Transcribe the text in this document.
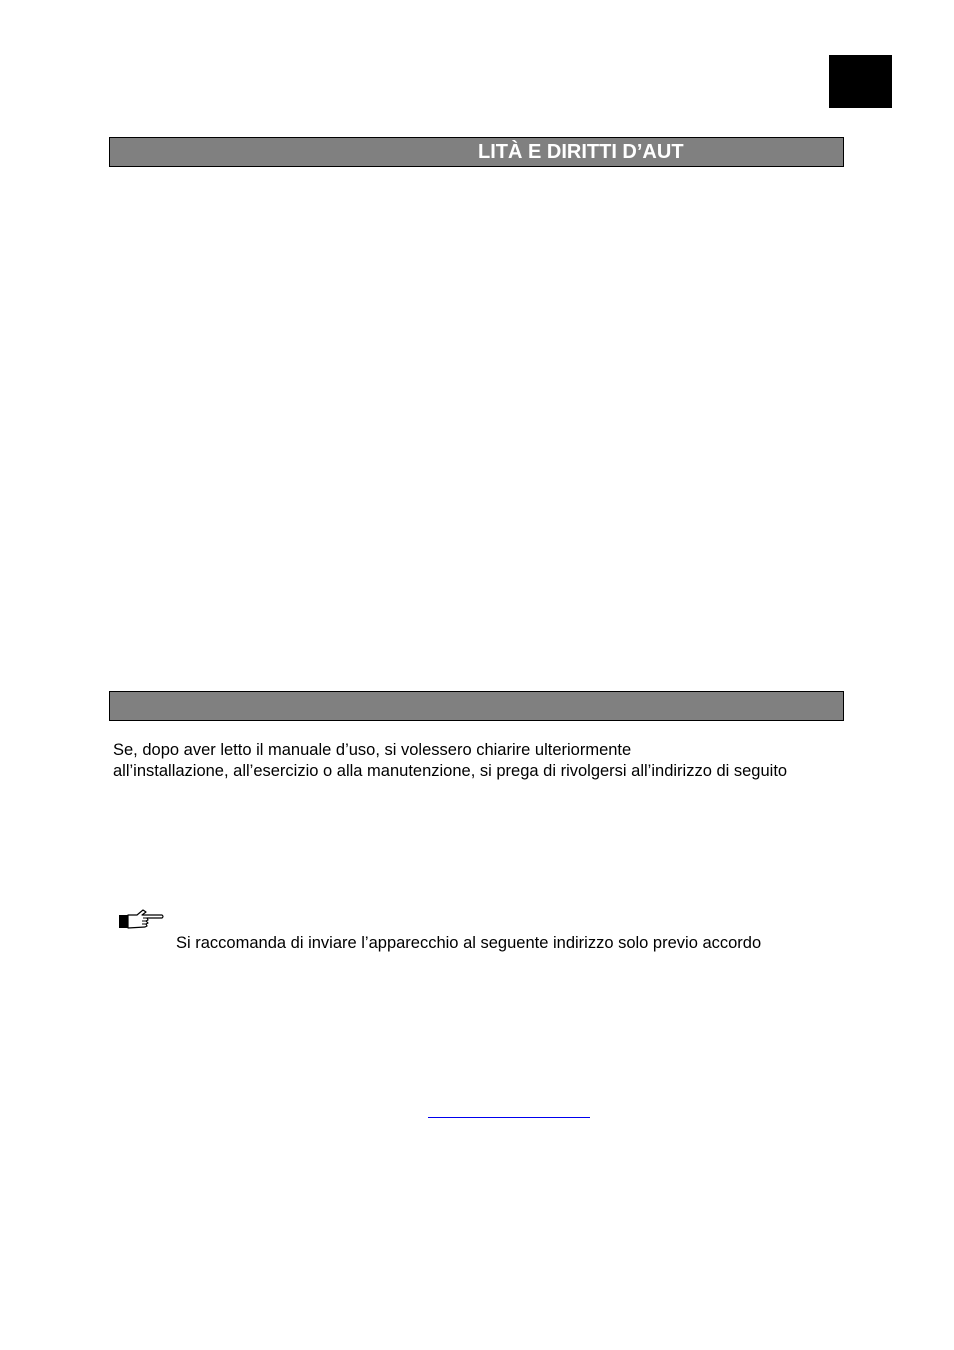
LITÀ E DIRITTI D’AUT
Se, dopo aver letto il manuale d’uso, si volessero chiarire ulteriormente
all’installazione, all’esercizio o alla manutenzione, si prega di rivolgersi all’indirizzo di seguito
Si raccomanda di inviare l’apparecchio al seguente indirizzo solo previo accordo
